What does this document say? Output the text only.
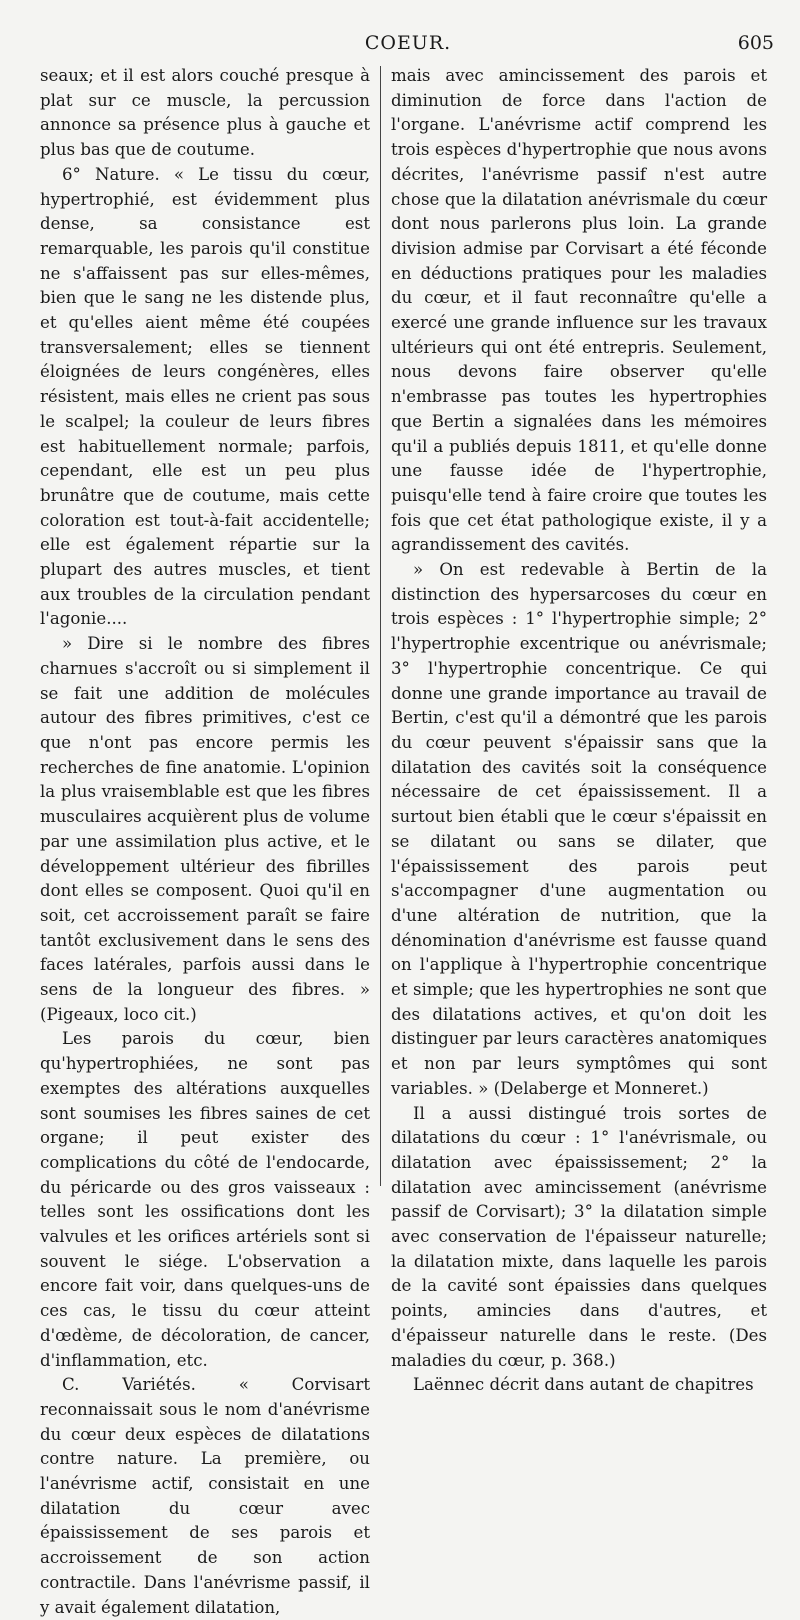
COEUR.	605

seaux; et il est alors couché presque à plat sur ce muscle, la percussion annonce sa présence plus à gauche et plus bas que de coutume.

6° Nature. « Le tissu du cœur, hypertrophié, est évidemment plus dense, sa consistance est remarquable, les parois qu'il constitue ne s'affaissent pas sur elles-mêmes, bien que le sang ne les distende plus, et qu'elles aient même été coupées transversalement; elles se tiennent éloignées de leurs congénères, elles résistent, mais elles ne crient pas sous le scalpel; la couleur de leurs fibres est habituellement normale; parfois, cependant, elle est un peu plus brunâtre que de coutume, mais cette coloration est tout-à-fait accidentelle; elle est également répartie sur la plupart des autres muscles, et tient aux troubles de la circulation pendant l'agonie....

» Dire si le nombre des fibres charnues s'accroît ou si simplement il se fait une addition de molécules autour des fibres primitives, c'est ce que n'ont pas encore permis les recherches de fine anatomie. L'opinion la plus vraisemblable est que les fibres musculaires acquièrent plus de volume par une assimilation plus active, et le développement ultérieur des fibrilles dont elles se composent. Quoi qu'il en soit, cet accroissement paraît se faire tantôt exclusivement dans le sens des faces latérales, parfois aussi dans le sens de la longueur des fibres. » (Pigeaux, loco cit.)

Les parois du cœur, bien qu'hypertrophiées, ne sont pas exemptes des altérations auxquelles sont soumises les fibres saines de cet organe; il peut exister des complications du côté de l'endocarde, du péricarde ou des gros vaisseaux : telles sont les ossifications dont les valvules et les orifices artériels sont si souvent le siége. L'observation a encore fait voir, dans quelques-uns de ces cas, le tissu du cœur atteint d'œdème, de décoloration, de cancer, d'inflammation, etc.

C. Variétés. « Corvisart reconnaissait sous le nom d'anévrisme du cœur deux espèces de dilatations contre nature. La première, ou l'anévrisme actif, consistait en une dilatation du cœur avec épaississement de ses parois et accroissement de son action contractile. Dans l'anévrisme passif, il y avait également dilatation,

mais avec amincissement des parois et diminution de force dans l'action de l'organe. L'anévrisme actif comprend les trois espèces d'hypertrophie que nous avons décrites, l'anévrisme passif n'est autre chose que la dilatation anévrismale du cœur dont nous parlerons plus loin. La grande division admise par Corvisart a été féconde en déductions pratiques pour les maladies du cœur, et il faut reconnaître qu'elle a exercé une grande influence sur les travaux ultérieurs qui ont été entrepris. Seulement, nous devons faire observer qu'elle n'embrasse pas toutes les hypertrophies que Bertin a signalées dans les mémoires qu'il a publiés depuis 1811, et qu'elle donne une fausse idée de l'hypertrophie, puisqu'elle tend à faire croire que toutes les fois que cet état pathologique existe, il y a agrandissement des cavités.

» On est redevable à Bertin de la distinction des hypersarcoses du cœur en trois espèces : 1° l'hypertrophie simple; 2° l'hypertrophie excentrique ou anévrismale; 3° l'hypertrophie concentrique. Ce qui donne une grande importance au travail de Bertin, c'est qu'il a démontré que les parois du cœur peuvent s'épaissir sans que la dilatation des cavités soit la conséquence nécessaire de cet épaississement. Il a surtout bien établi que le cœur s'épaissit en se dilatant ou sans se dilater, que l'épaississement des parois peut s'accompagner d'une augmentation ou d'une altération de nutrition, que la dénomination d'anévrisme est fausse quand on l'applique à l'hypertrophie concentrique et simple; que les hypertrophies ne sont que des dilatations actives, et qu'on doit les distinguer par leurs caractères anatomiques et non par leurs symptômes qui sont variables. » (Delaberge et Monneret.)

Il a aussi distingué trois sortes de dilatations du cœur : 1° l'anévrismale, ou dilatation avec épaississement; 2° la dilatation avec amincissement (anévrisme passif de Corvisart); 3° la dilatation simple avec conservation de l'épaisseur naturelle; la dilatation mixte, dans laquelle les parois de la cavité sont épaissies dans quelques points, amincies dans d'autres, et d'épaisseur naturelle dans le reste. (Des maladies du cœur, p. 368.)

Laënnec décrit dans autant de chapitres
